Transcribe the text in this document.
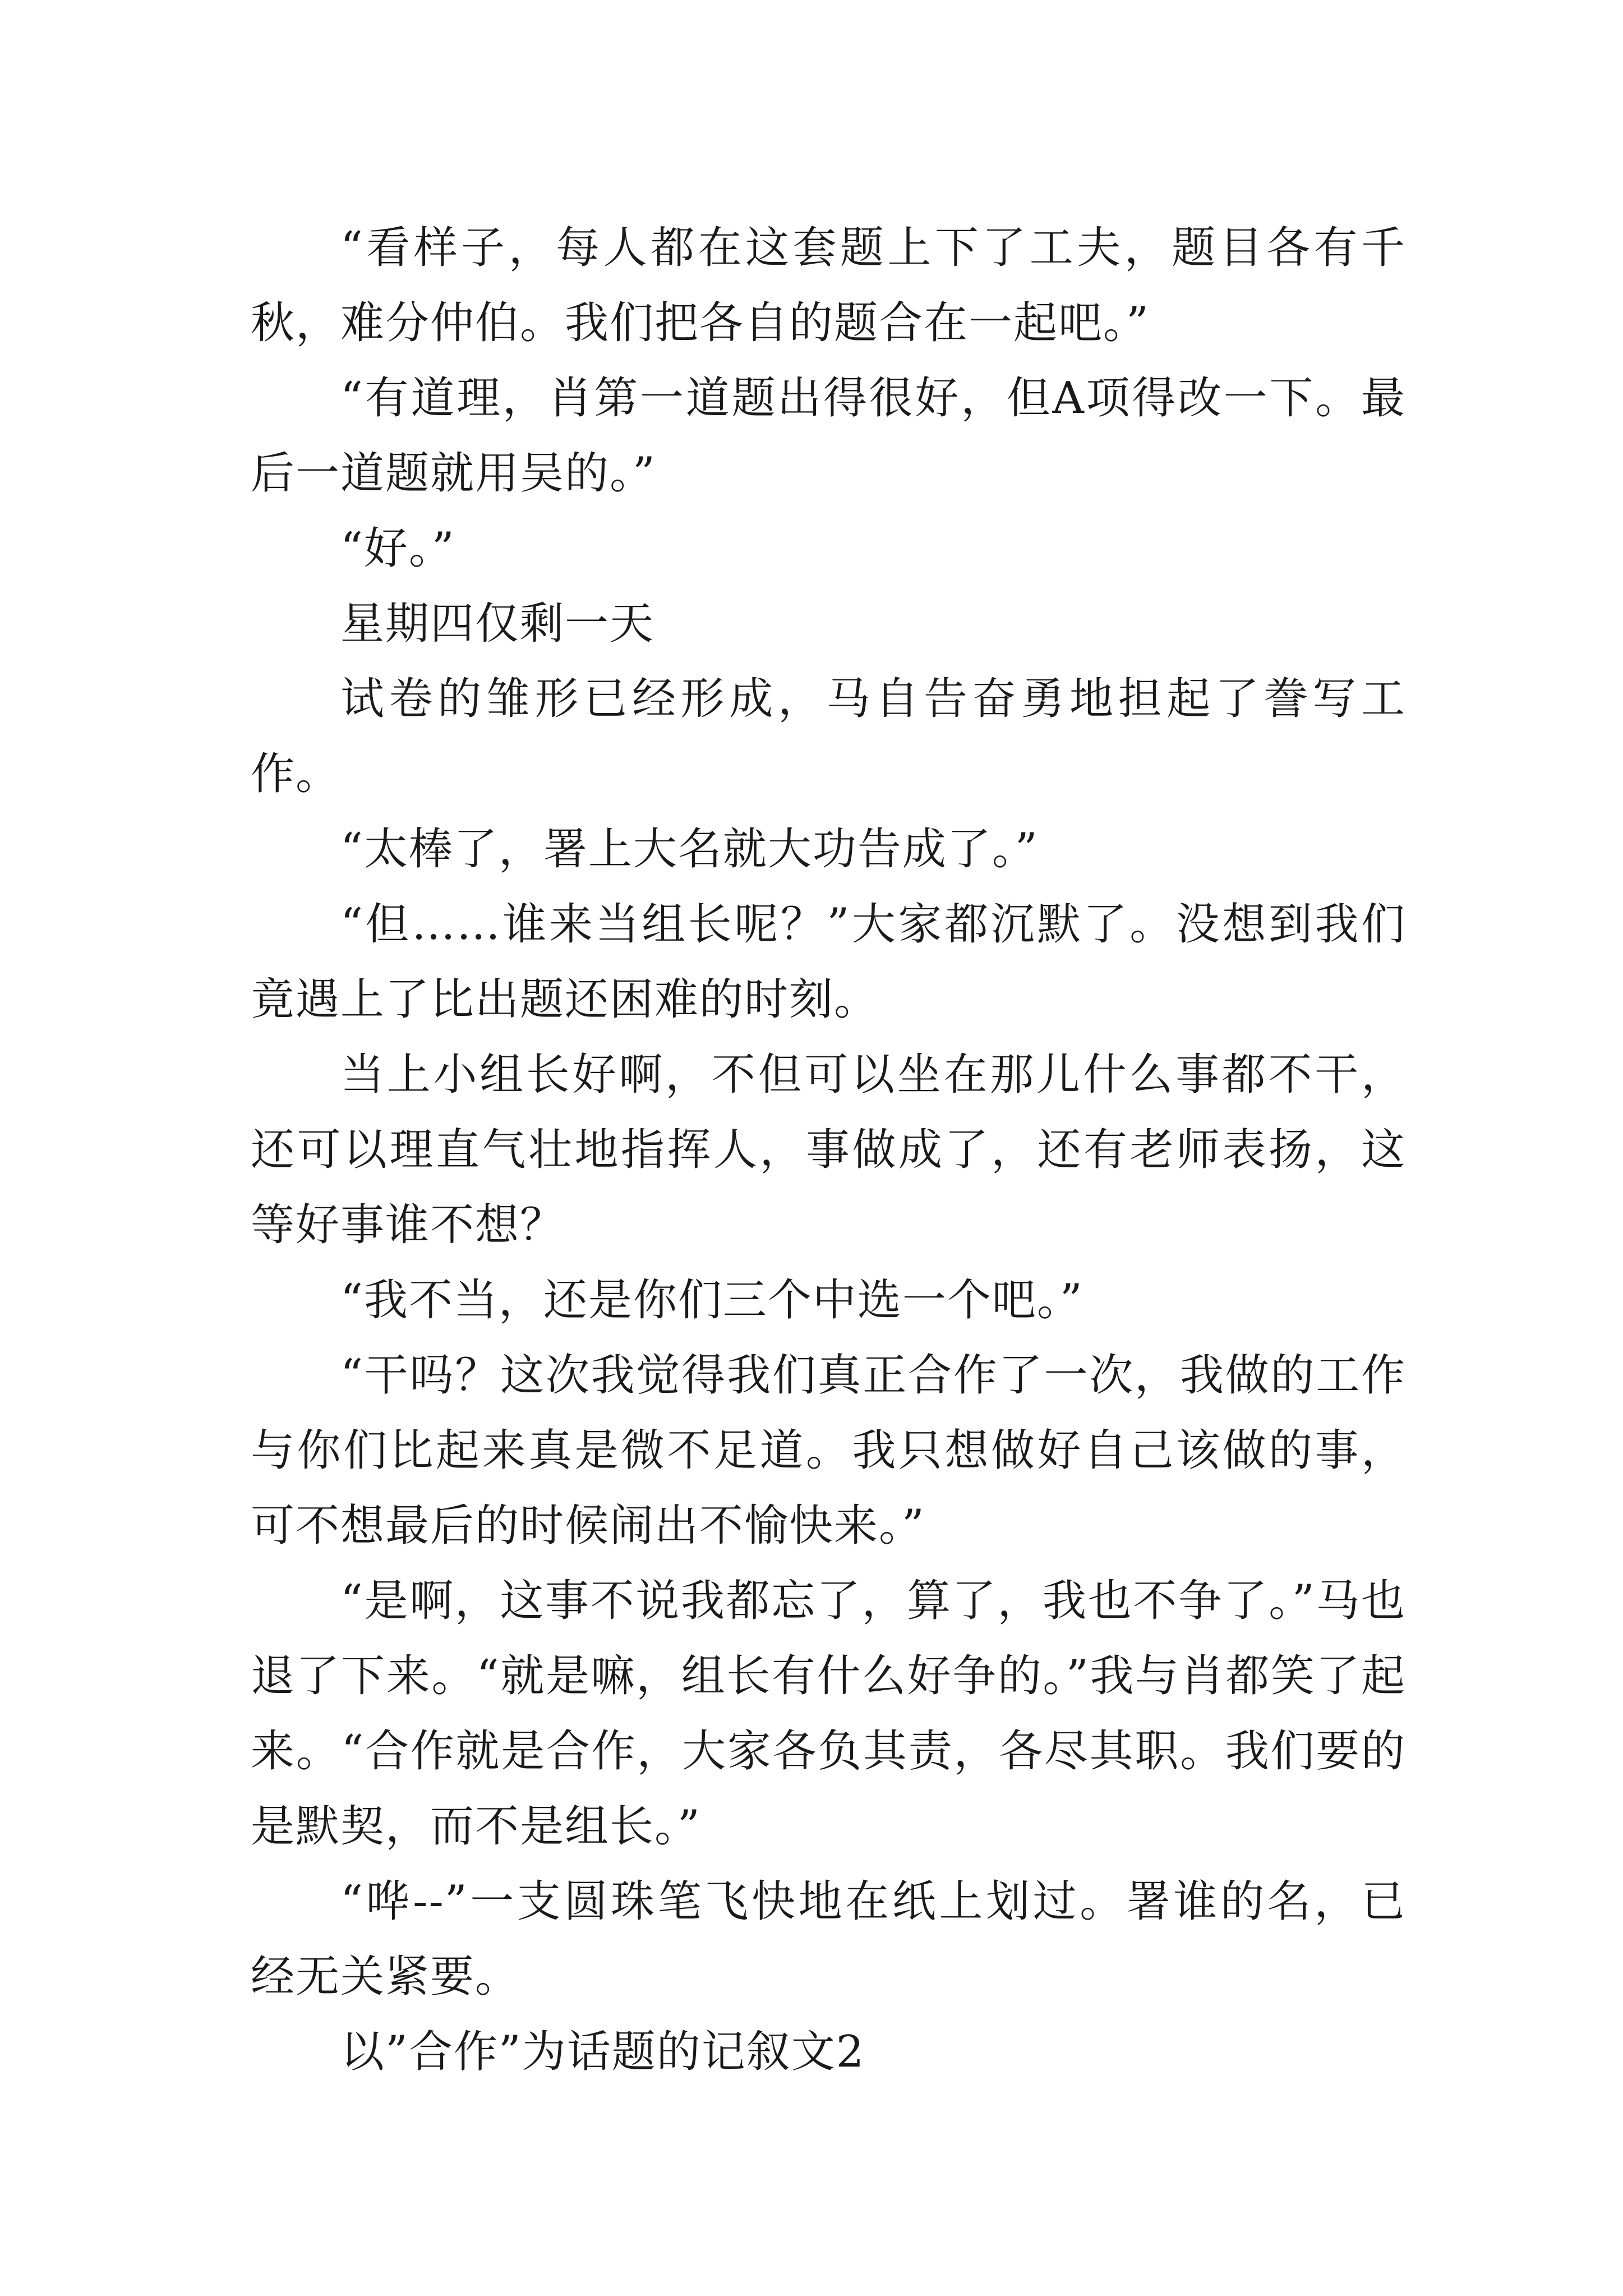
“看样子，每人都在这套题上下了工夫，题目各有千秋，难分仲伯。我们把各自的题合在一起吧。”

“有道理，肖第一道题出得很好，但A项得改一下。最后一道题就用吴的。”

“好。”

星期四仅剩一天

试卷的雏形已经形成，马自告奋勇地担起了誊写工作。

“太棒了，署上大名就大功告成了。”

“但……谁来当组长呢？”大家都沉默了。没想到我们竟遇上了比出题还困难的时刻。

当上小组长好啊，不但可以坐在那儿什么事都不干，还可以理直气壮地指挥人，事做成了，还有老师表扬，这等好事谁不想？

“我不当，还是你们三个中选一个吧。”

“干吗？这次我觉得我们真正合作了一次，我做的工作与你们比起来真是微不足道。我只想做好自己该做的事，可不想最后的时候闹出不愉快来。”

“是啊，这事不说我都忘了，算了，我也不争了。”马也退了下来。“就是嘛，组长有什么好争的。”我与肖都笑了起来。“合作就是合作，大家各负其责，各尽其职。我们要的是默契，而不是组长。”

“哗--”一支圆珠笔飞快地在纸上划过。署谁的名，已经无关紧要。

以”合作”为话题的记叙文2
